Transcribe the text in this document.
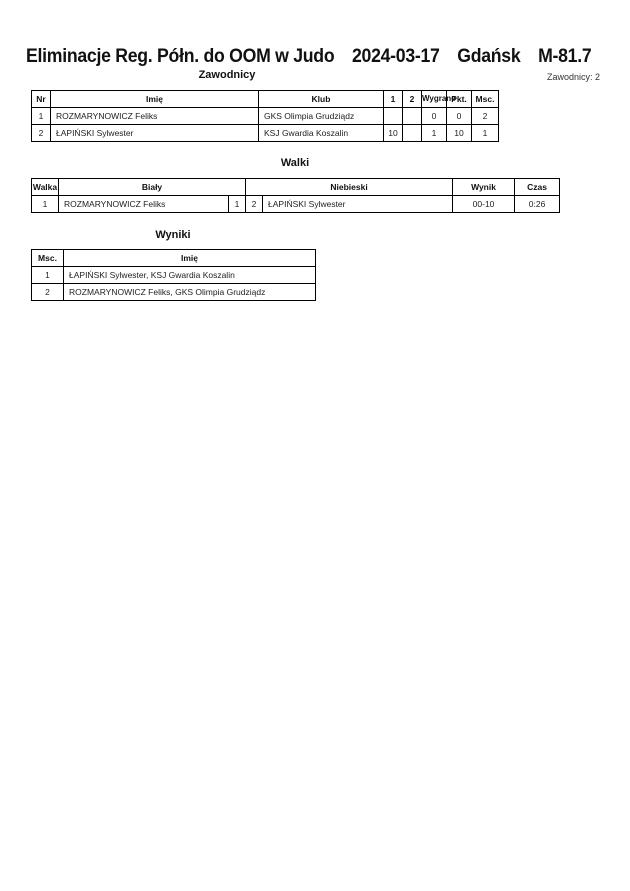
Eliminacje Reg. Półn. do OOM w Judo 2024-03-17 Gdańsk M-81.7
Zawodnicy: 2
Zawodnicy
Nr	Imię	Klub	1	2	Wygrane	Pkt.	Msc.
1	ROZMARYNOWICZ Feliks	GKS Olimpia Grudziądz			0	0	2
2	ŁAPIŃSKI Sylwester	KSJ Gwardia Koszalin	10		1	10	1
Walki
Walka	Biały		Niebieski		Wynik	Czas
1	ROZMARYNOWICZ Feliks	1	2	ŁAPIŃSKI Sylwester	00-10	0:26
Wyniki
Msc.	Imię
1	ŁAPIŃSKI Sylwester, KSJ Gwardia Koszalin
2	ROZMARYNOWICZ Feliks, GKS Olimpia Grudziądz
